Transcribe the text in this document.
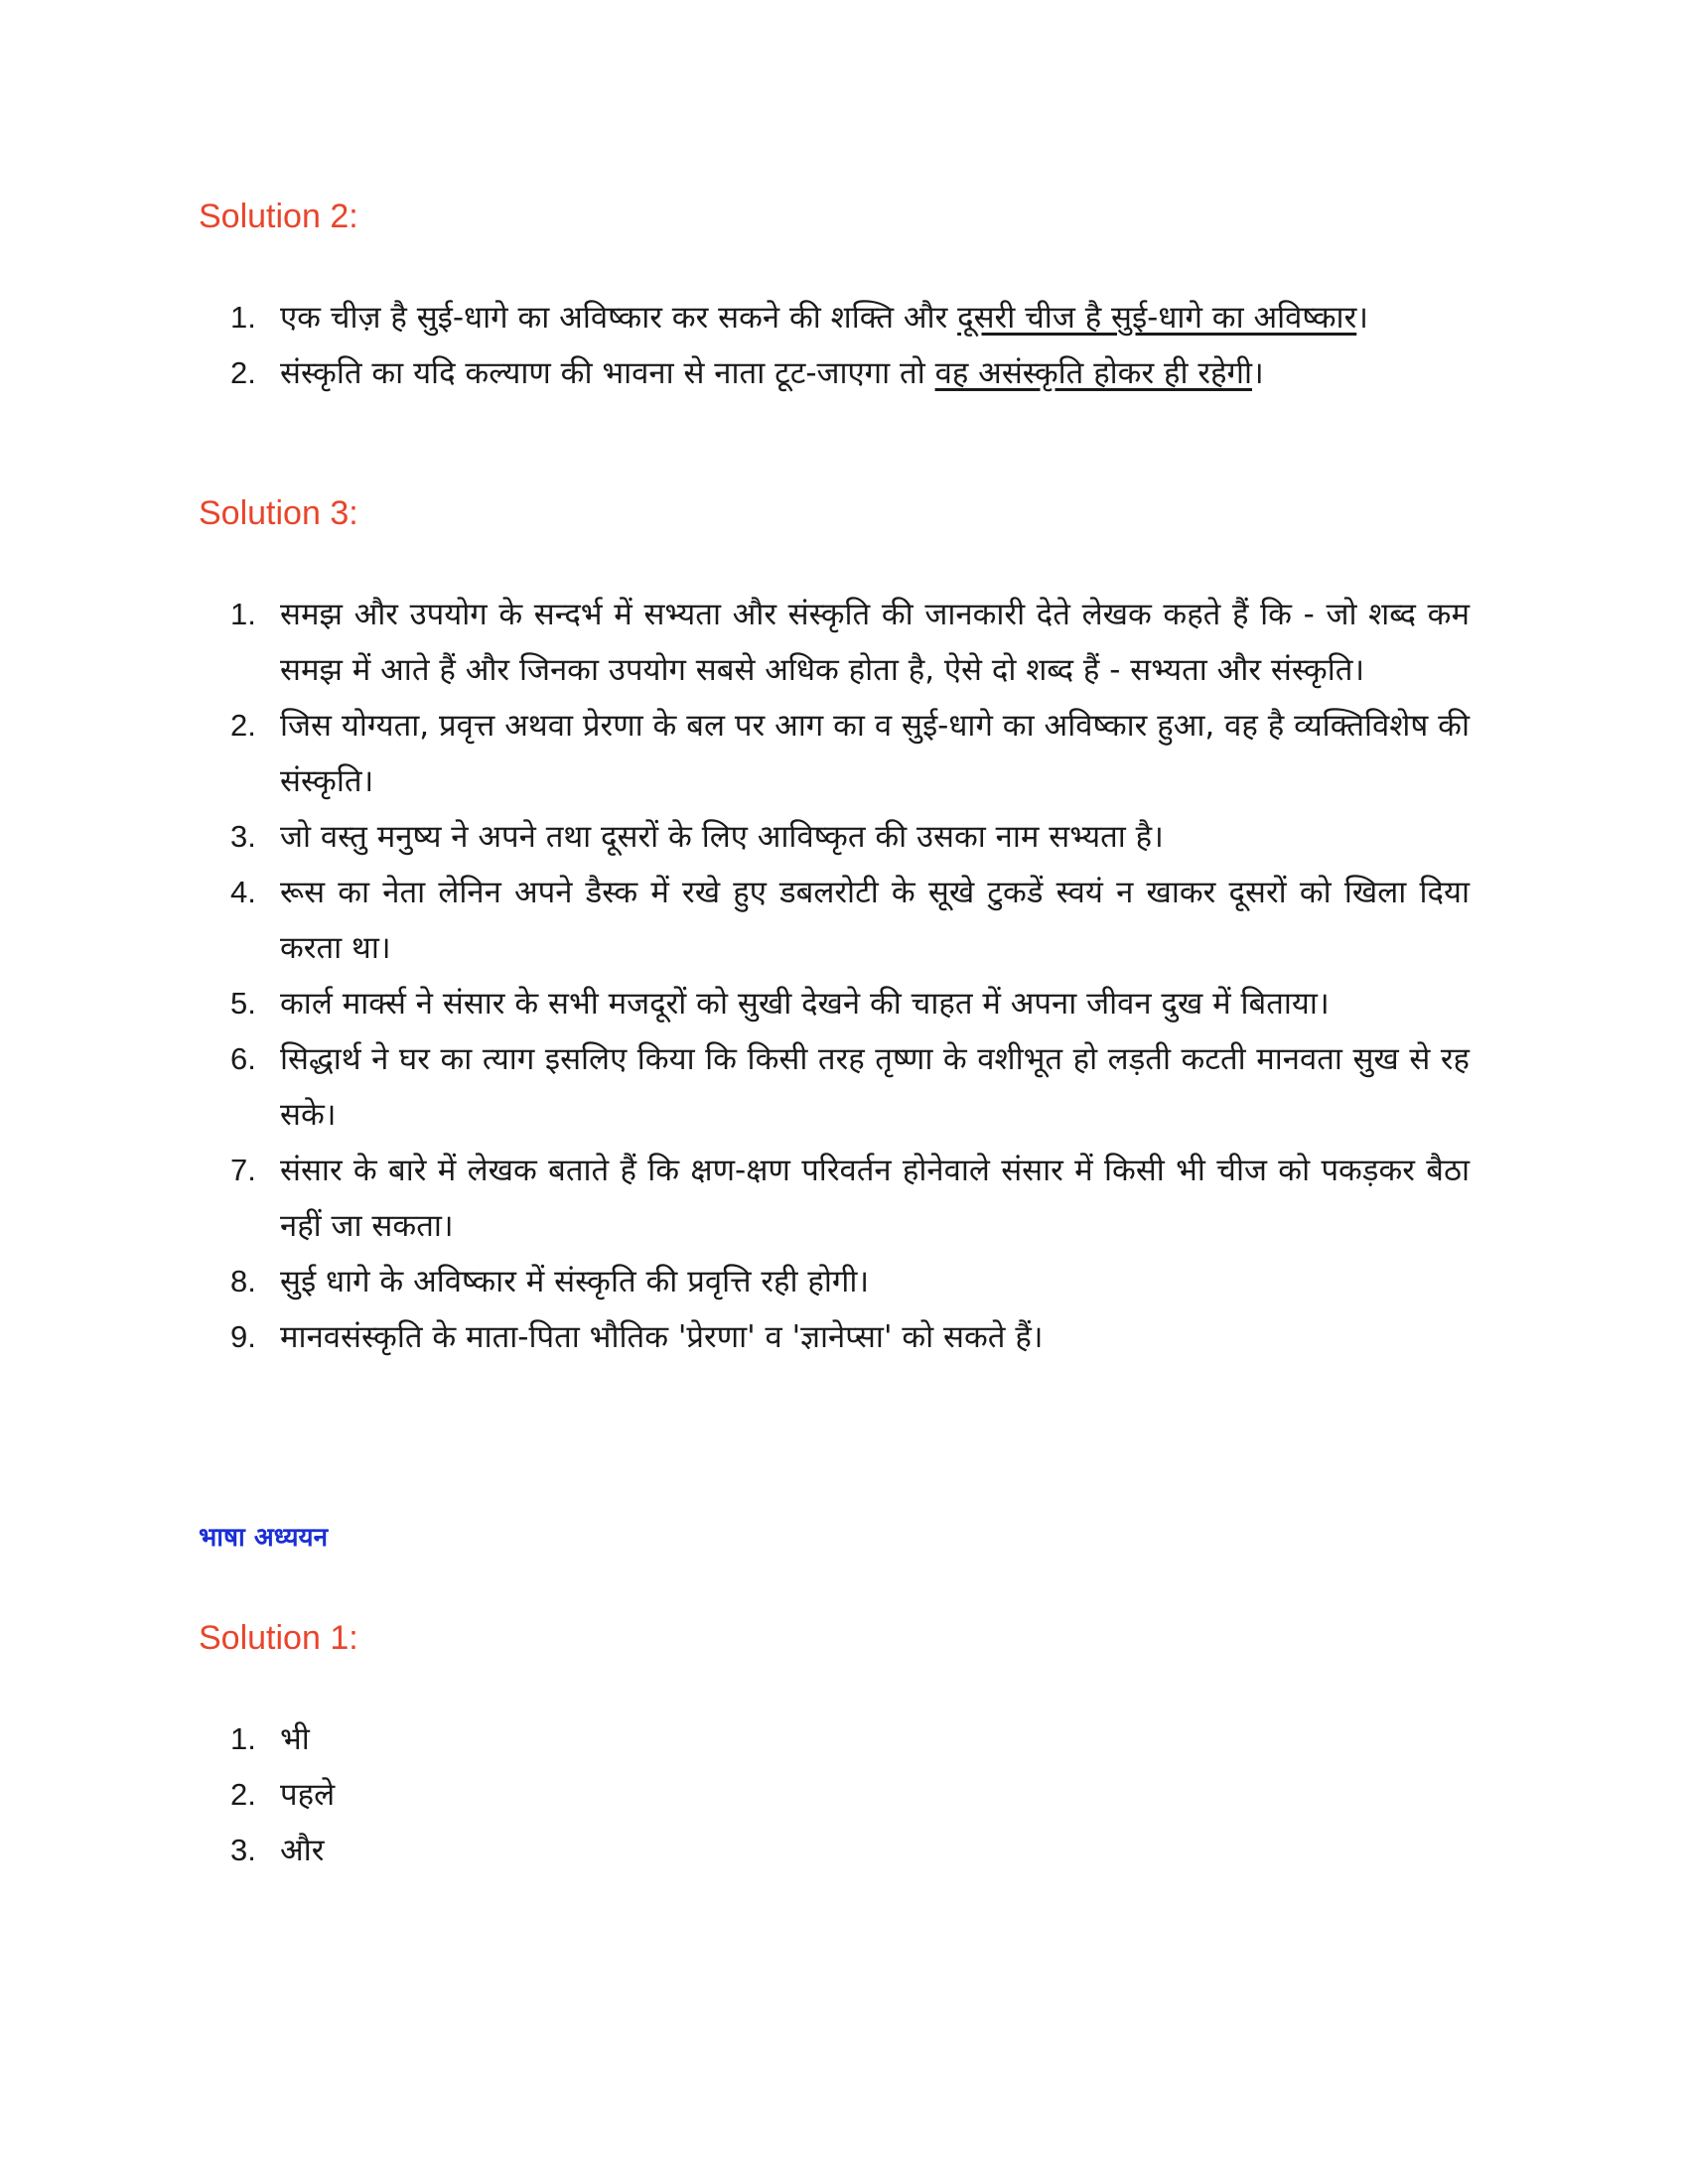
Solution 2:
1. एक चीज़ है सुई-धागे का अविष्कार कर सकने की शक्ति और दूसरी चीज है सुई-धागे का अविष्कार।
2. संस्कृति का यदि कल्याण की भावना से नाता टूट-जाएगा तो वह असंस्कृति होकर ही रहेगी।
Solution 3:
1. समझ और उपयोग के सन्दर्भ में सभ्यता और संस्कृति की जानकारी देते लेखक कहते हैं कि - जो शब्द कम समझ में आते हैं और जिनका उपयोग सबसे अधिक होता है, ऐसे दो शब्द हैं - सभ्यता और संस्कृति।
2. जिस योग्यता, प्रवृत्त अथवा प्रेरणा के बल पर आग का व सुई-धागे का अविष्कार हुआ, वह है व्यक्तिविशेष की संस्कृति।
3. जो वस्तु मनुष्य ने अपने तथा दूसरों के लिए आविष्कृत की उसका नाम सभ्यता है।
4. रूस का नेता लेनिन अपने डैस्क में रखे हुए डबलरोटी के सूखे टुकडें स्वयं न खाकर दूसरों को खिला दिया करता था।
5. कार्ल मार्क्स ने संसार के सभी मजदूरों को सुखी देखने की चाहत में अपना जीवन दुख में बिताया।
6. सिद्धार्थ ने घर का त्याग इसलिए किया कि किसी तरह तृष्णा के वशीभूत हो लड़ती कटती मानवता सुख से रह सके।
7. संसार के बारे में लेखक बताते हैं कि क्षण-क्षण परिवर्तन होनेवाले संसार में किसी भी चीज को पकड़कर बैठा नहीं जा सकता।
8. सुई धागे के अविष्कार में संस्कृति की प्रवृत्ति रही होगी।
9. मानवसंस्कृति के माता-पिता भौतिक 'प्रेरणा' व 'ज्ञानेप्सा' को सकते हैं।
भाषा अध्ययन
Solution 1:
1. भी
2. पहले
3. और
